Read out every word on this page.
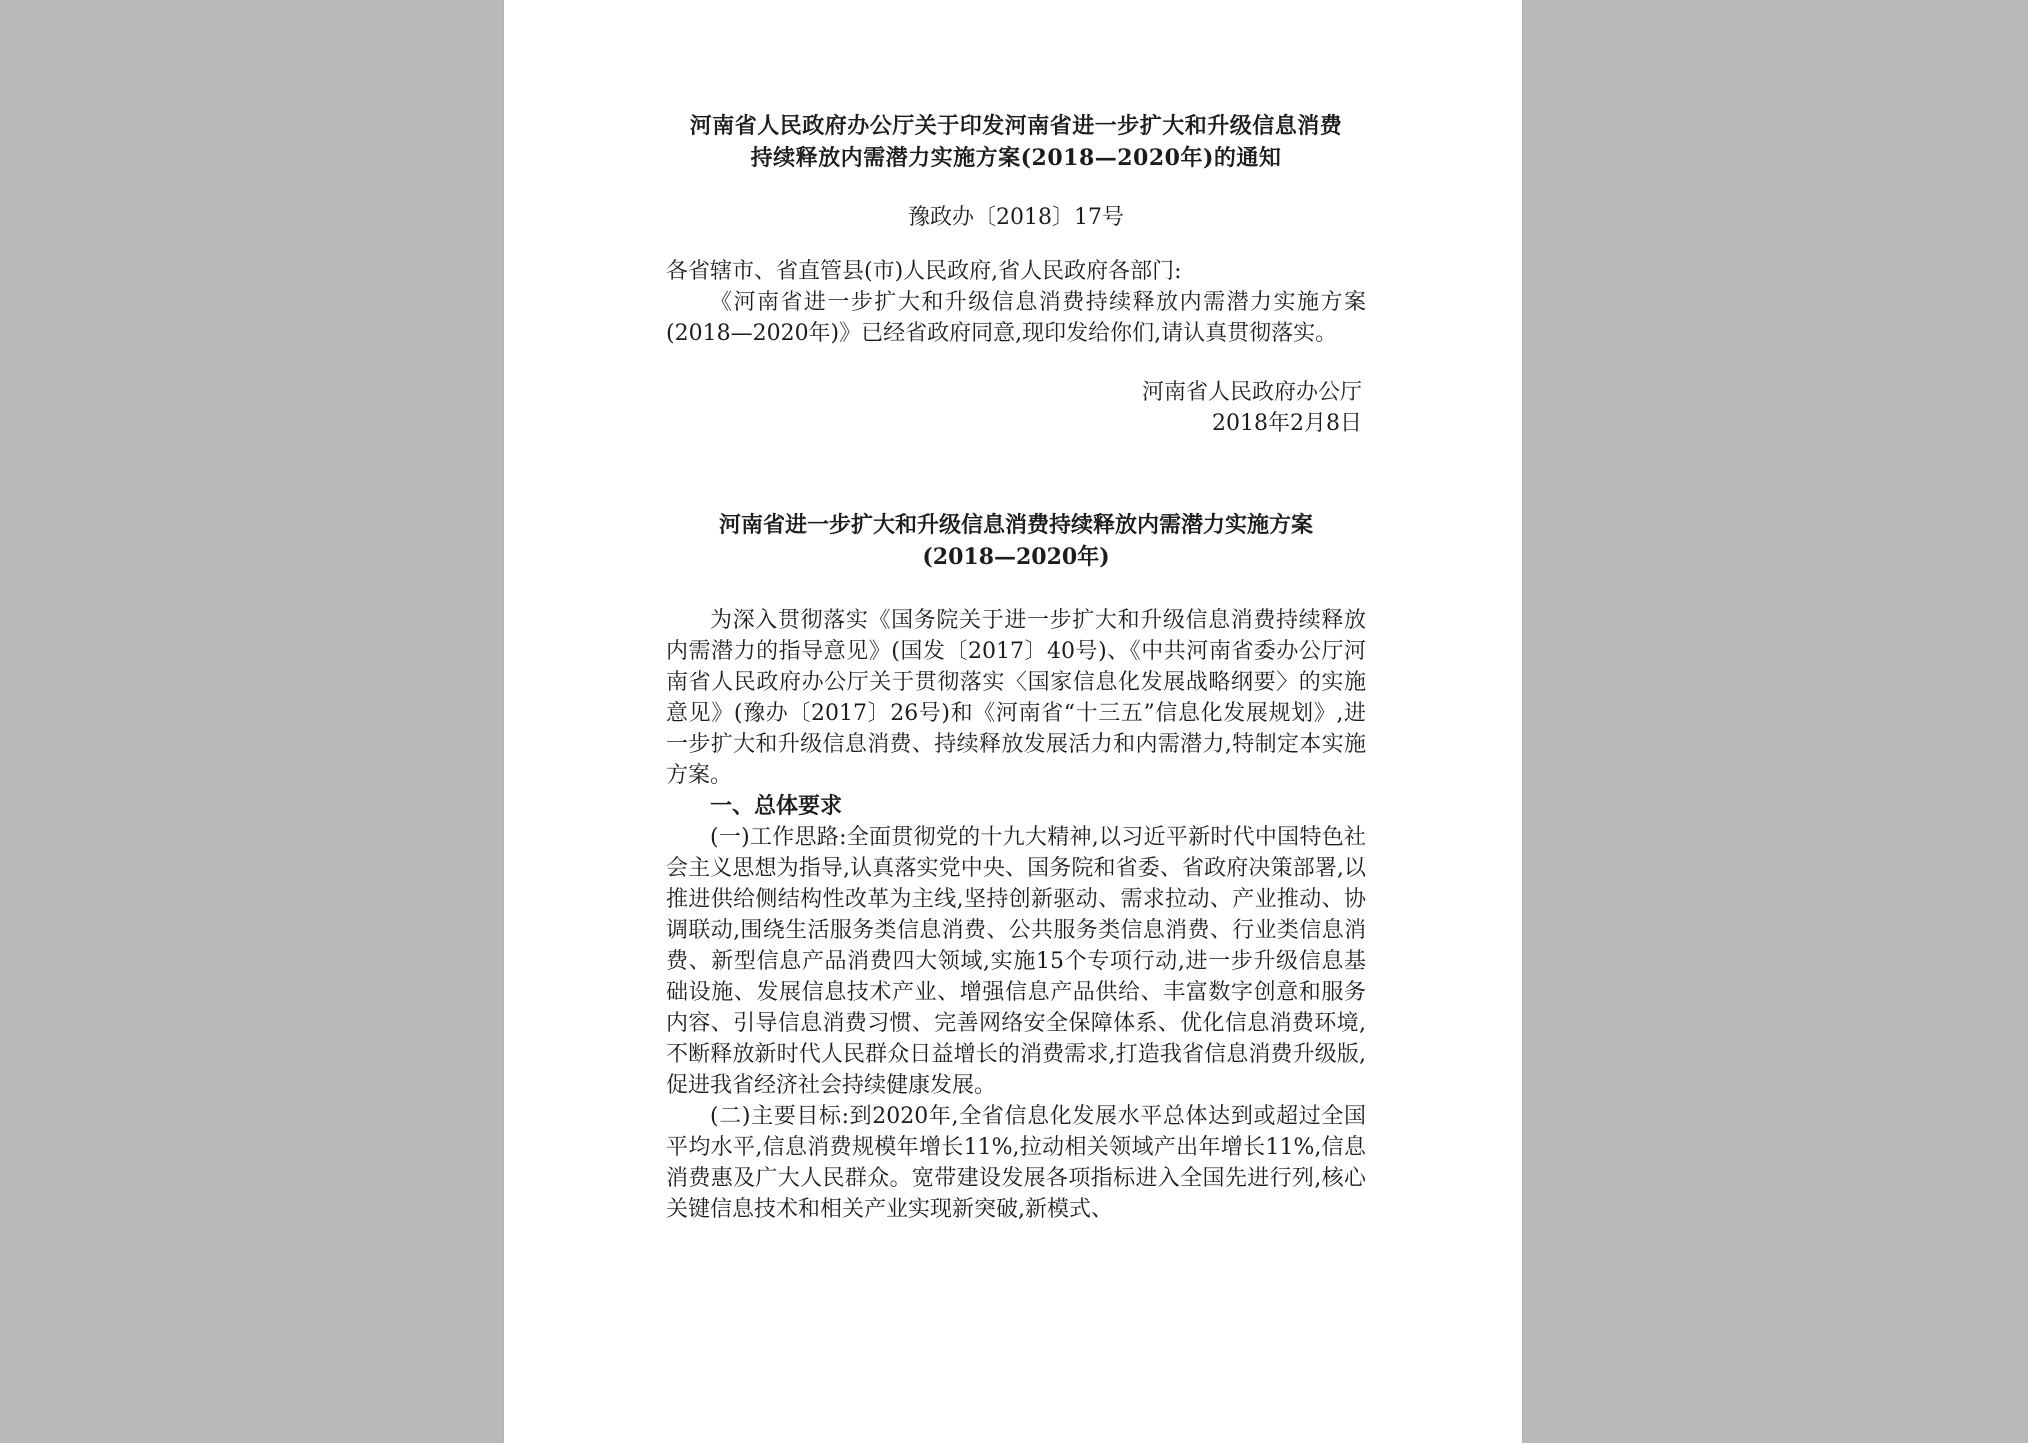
河南省人民政府办公厅关于印发河南省进一步扩大和升级信息消费
持续释放内需潜力实施方案(2018—2020年)的通知

豫政办〔2018〕17号

各省辖市、省直管县(市)人民政府,省人民政府各部门:

《河南省进一步扩大和升级信息消费持续释放内需潜力实施方案(2018—2020年)》已经省政府同意,现印发给你们,请认真贯彻落实。

河南省人民政府办公厅
2018年2月8日
河南省进一步扩大和升级信息消费持续释放内需潜力实施方案
(2018—2020年)

为深入贯彻落实《国务院关于进一步扩大和升级信息消费持续释放内需潜力的指导意见》(国发〔2017〕40号)、《中共河南省委办公厅河南省人民政府办公厅关于贯彻落实〈国家信息化发展战略纲要〉的实施意见》(豫办〔2017〕26号)和《河南省“十三五”信息化发展规划》,进一步扩大和升级信息消费、持续释放发展活力和内需潜力,特制定本实施方案。

一、总体要求

(一)工作思路:全面贯彻党的十九大精神,以习近平新时代中国特色社会主义思想为指导,认真落实党中央、国务院和省委、省政府决策部署,以推进供给侧结构性改革为主线,坚持创新驱动、需求拉动、产业推动、协调联动,围绕生活服务类信息消费、公共服务类信息消费、行业类信息消费、新型信息产品消费四大领域,实施15个专项行动,进一步升级信息基础设施、发展信息技术产业、增强信息产品供给、丰富数字创意和服务内容、引导信息消费习惯、完善网络安全保障体系、优化信息消费环境,不断释放新时代人民群众日益增长的消费需求,打造我省信息消费升级版,促进我省经济社会持续健康发展。

(二)主要目标:到2020年,全省信息化发展水平总体达到或超过全国平均水平,信息消费规模年增长11%,拉动相关领域产出年增长11%,信息消费惠及广大人民群众。宽带建设发展各项指标进入全国先进行列,核心关键信息技术和相关产业实现新突破,新模式、
